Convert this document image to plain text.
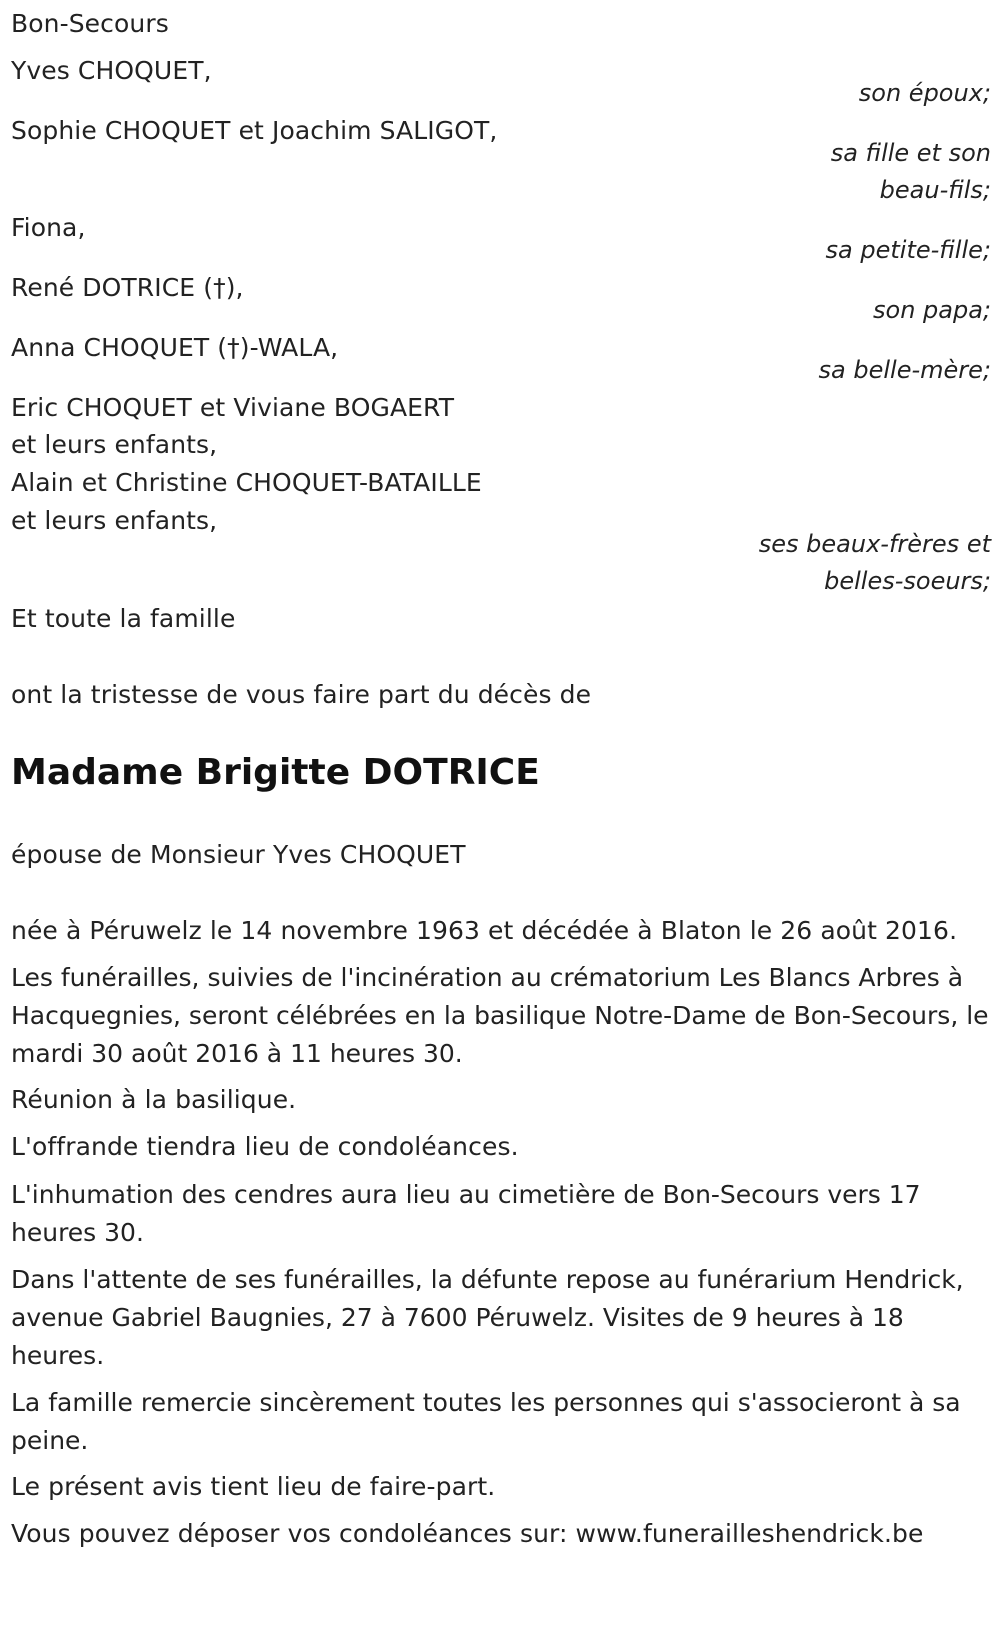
Bon-Secours
Yves CHOQUET,
son époux;
Sophie CHOQUET et Joachim SALIGOT,
sa fille et son
beau-fils;
Fiona,
sa petite-fille;
René DOTRICE (†),
son papa;
Anna CHOQUET (†)-WALA,
sa belle-mère;
Eric CHOQUET et Viviane BOGAERT
et leurs enfants,
Alain et Christine CHOQUET-BATAILLE
et leurs enfants,
ses beaux-frères et
belles-soeurs;
Et toute la famille
ont la tristesse de vous faire part du décès de
Madame Brigitte DOTRICE
épouse de Monsieur Yves CHOQUET
née à Péruwelz le 14 novembre 1963 et décédée à Blaton le 26 août 2016.
Les funérailles, suivies de l'incinération au crématorium Les Blancs Arbres à Hacquegnies, seront célébrées en la basilique Notre-Dame de Bon-Secours, le mardi 30 août 2016 à 11 heures 30.
Réunion à la basilique.
L'offrande tiendra lieu de condoléances.
L'inhumation des cendres aura lieu au cimetière de Bon-Secours vers 17 heures 30.
Dans l'attente de ses funérailles, la défunte repose au funérarium Hendrick, avenue Gabriel Baugnies, 27 à 7600 Péruwelz. Visites de 9 heures à 18 heures.
La famille remercie sincèrement toutes les personnes qui s'associeront à sa peine.
Le présent avis tient lieu de faire-part.
Vous pouvez déposer vos condoléances sur: www.funerailleshendrick.be
